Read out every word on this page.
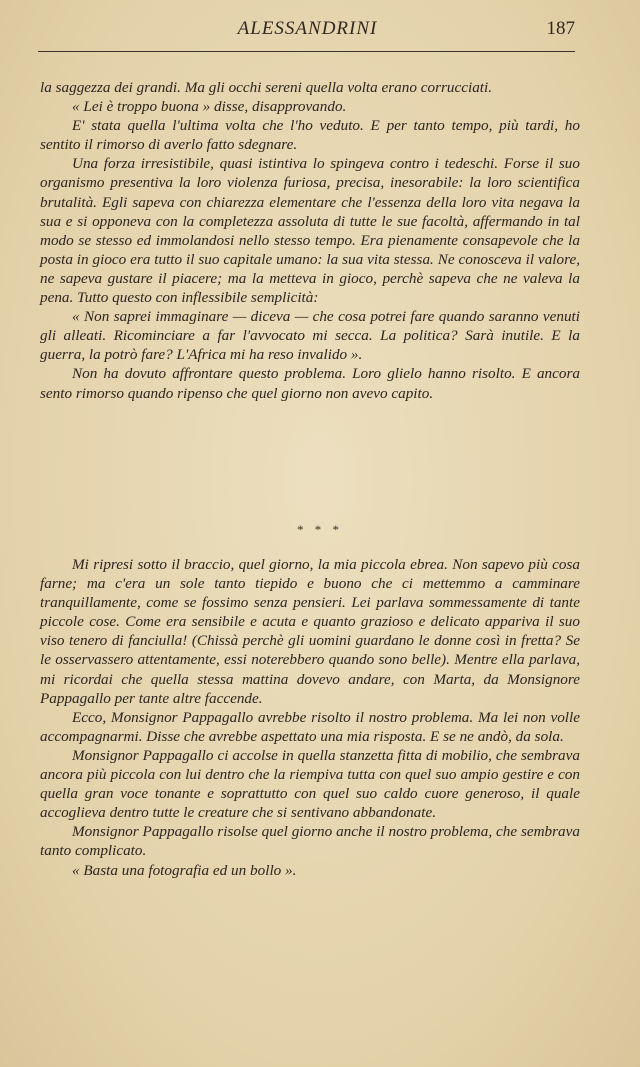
ALESSANDRINI	187

la saggezza dei grandi. Ma gli occhi sereni quella volta erano corrucciati.

« Lei è troppo buona » disse, disapprovando.

E' stata quella l'ultima volta che l'ho veduto. E per tanto tempo, più tardi, ho sentito il rimorso di averlo fatto sdegnare.

Una forza irresistibile, quasi istintiva lo spingeva contro i tedeschi. Forse il suo organismo presentiva la loro violenza furiosa, precisa, inesorabile: la loro scientifica brutalità. Egli sapeva con chiarezza elementare che l'essenza della loro vita negava la sua e si opponeva con la completezza assoluta di tutte le sue facoltà, affermando in tal modo se stesso ed immolandosi nello stesso tempo. Era pienamente consapevole che la posta in gioco era tutto il suo capitale umano: la sua vita stessa. Ne conosceva il valore, ne sapeva gustare il piacere; ma la metteva in gioco, perchè sapeva che ne valeva la pena. Tutto questo con inflessibile semplicità:

« Non saprei immaginare — diceva — che cosa potrei fare quando saranno venuti gli alleati. Ricominciare a far l'avvocato mi secca. La politica? Sarà inutile. E la guerra, la potrò fare? L'Africa mi ha reso invalido ».

Non ha dovuto affrontare questo problema. Loro glielo hanno risolto. E ancora sento rimorso quando ripenso che quel giorno non avevo capito.

* * *

Mi ripresi sotto il braccio, quel giorno, la mia piccola ebrea. Non sapevo più cosa farne; ma c'era un sole tanto tiepido e buono che ci mettemmo a camminare tranquillamente, come se fossimo senza pensieri. Lei parlava sommessamente di tante piccole cose. Come era sensibile e acuta e quanto grazioso e delicato appariva il suo viso tenero di fanciulla! (Chissà perchè gli uomini guardano le donne così in fretta? Se le osservassero attentamente, essi noterebbero quando sono belle). Mentre ella parlava, mi ricordai che quella stessa mattina dovevo andare, con Marta, da Monsignore Pappagallo per tante altre faccende.

Ecco, Monsignor Pappagallo avrebbe risolto il nostro problema. Ma lei non volle accompagnarmi. Disse che avrebbe aspettato una mia risposta. E se ne andò, da sola.

Monsignor Pappagallo ci accolse in quella stanzetta fitta di mobilio, che sembrava ancora più piccola con lui dentro che la riempiva tutta con quel suo ampio gestire e con quella gran voce tonante e soprattutto con quel suo caldo cuore generoso, il quale accoglieva dentro tutte le creature che si sentivano abbandonate.

Monsignor Pappagallo risolse quel giorno anche il nostro problema, che sembrava tanto complicato.

« Basta una fotografia ed un bollo ».
